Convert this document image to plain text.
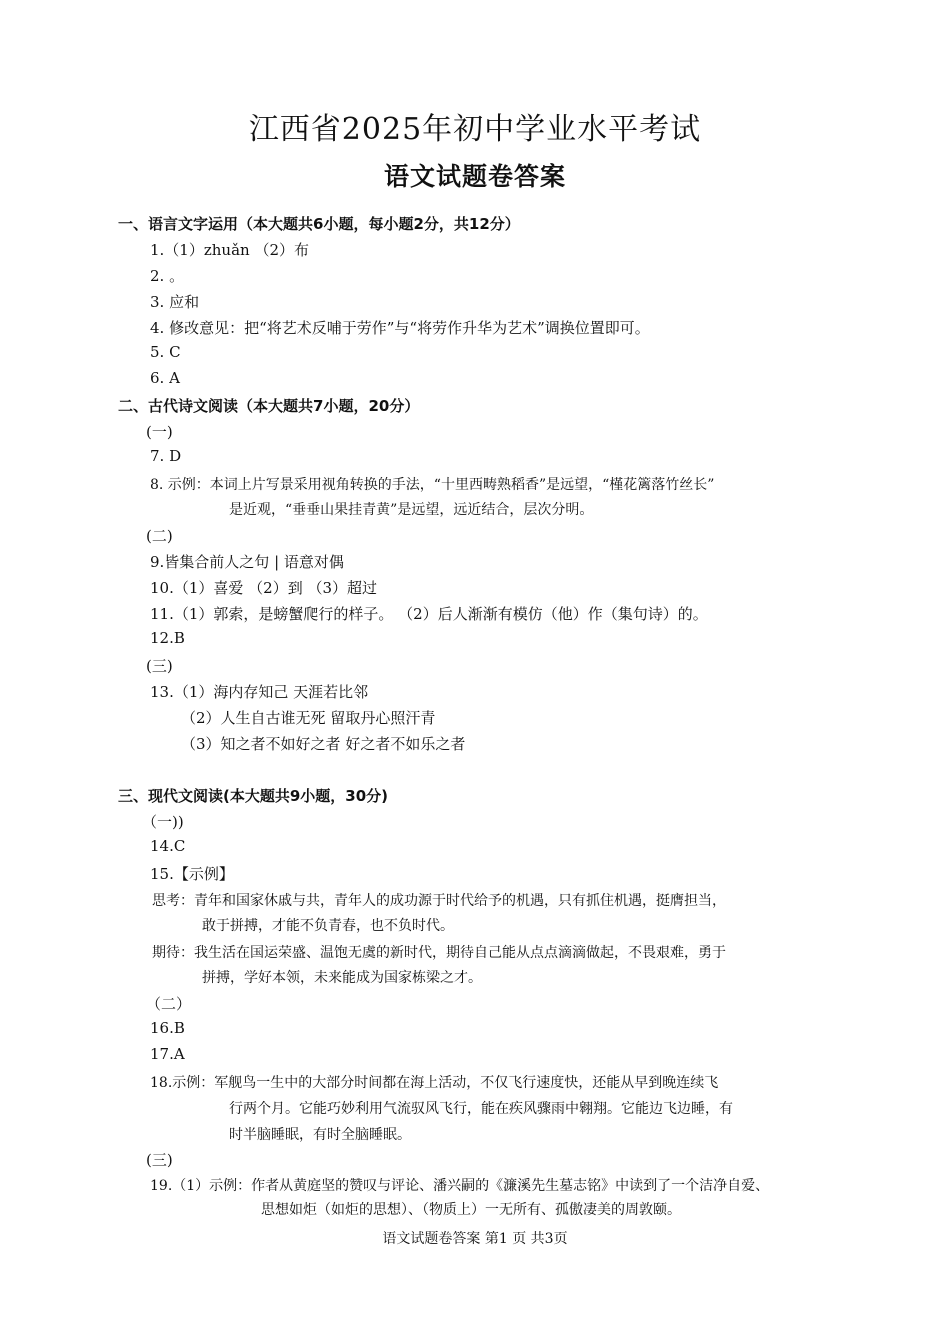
江西省2025年初中学业水平考试
语文试题卷答案
一、语言文字运用（本大题共6小题，每小题2分，共12分）
1.（1）zhuǎn （2）布
2. 。
3. 应和
4. 修改意见：把“将艺术反哺于劳作”与“将劳作升华为艺术”调换位置即可。
5. C
6. A
二、古代诗文阅读（本大题共7小题，20分）
(一)
7. D
8. 示例：本词上片写景采用视角转换的手法，“十里西畴熟稻香”是远望，“槿花篱落竹丝长”
是近观，“垂垂山果挂青黄”是远望，远近结合，层次分明。
(二)
9.皆集合前人之句 | 语意对偶
10.（1）喜爱 （2）到 （3）超过
11.（1）郭索，是螃蟹爬行的样子。 （2）后人渐渐有模仿（他）作（集句诗）的。
12.B
(三)
13.（1）海内存知己 天涯若比邻
（2）人生自古谁无死 留取丹心照汗青
（3）知之者不如好之者 好之者不如乐之者
三、现代文阅读(本大题共9小题，30分)
（一))
14.C
15.【示例】
思考：青年和国家休戚与共，青年人的成功源于时代给予的机遇，只有抓住机遇，挺膺担当，
敢于拼搏，才能不负青春，也不负时代。
期待：我生活在国运荣盛、温饱无虞的新时代，期待自己能从点点滴滴做起，不畏艰难，勇于
拼搏，学好本领，未来能成为国家栋梁之才。
（二）
16.B
17.A
18.示例：军舰鸟一生中的大部分时间都在海上活动，不仅飞行速度快，还能从早到晚连续飞
行两个月。它能巧妙利用气流驭风飞行，能在疾风骤雨中翱翔。它能边飞边睡，有
时半脑睡眠，有时全脑睡眠。
(三)
19.（1）示例：作者从黄庭坚的赞叹与评论、潘兴嗣的《濂溪先生墓志铭》中读到了一个洁净自爱、
思想如炬（如炬的思想）、（物质上）一无所有、孤傲凄美的周敦颐。
语文试题卷答案 第1 页 共3页
